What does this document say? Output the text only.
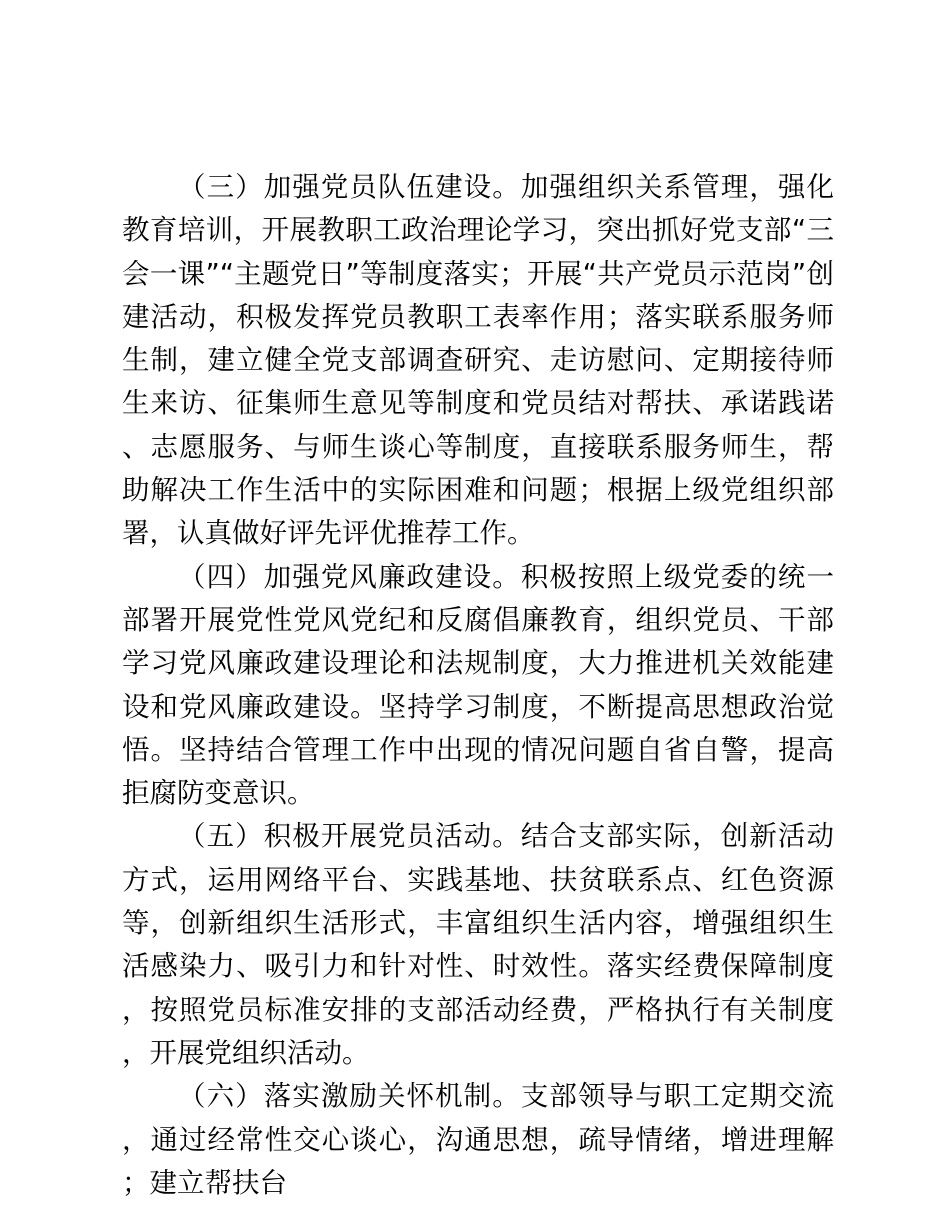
（三）加强党员队伍建设。加强组织关系管理，强化教育培训，开展教职工政治理论学习，突出抓好党支部“三会一课”“主题党日”等制度落实；开展“共产党员示范岗”创建活动，积极发挥党员教职工表率作用；落实联系服务师生制，建立健全党支部调查研究、走访慰问、定期接待师生来访、征集师生意见等制度和党员结对帮扶、承诺践诺、志愿服务、与师生谈心等制度，直接联系服务师生，帮助解决工作生活中的实际困难和问题；根据上级党组织部署，认真做好评先评优推荐工作。

（四）加强党风廉政建设。积极按照上级党委的统一部署开展党性党风党纪和反腐倡廉教育，组织党员、干部学习党风廉政建设理论和法规制度，大力推进机关效能建设和党风廉政建设。坚持学习制度，不断提高思想政治觉悟。坚持结合管理工作中出现的情况问题自省自警，提高拒腐防变意识。

（五）积极开展党员活动。结合支部实际，创新活动方式，运用网络平台、实践基地、扶贫联系点、红色资源等，创新组织生活形式，丰富组织生活内容，增强组织生活感染力、吸引力和针对性、时效性。落实经费保障制度，按照党员标准安排的支部活动经费，严格执行有关制度，开展党组织活动。

（六）落实激励关怀机制。支部领导与职工定期交流，通过经常性交心谈心，沟通思想，疏导情绪，增进理解；建立帮扶台
